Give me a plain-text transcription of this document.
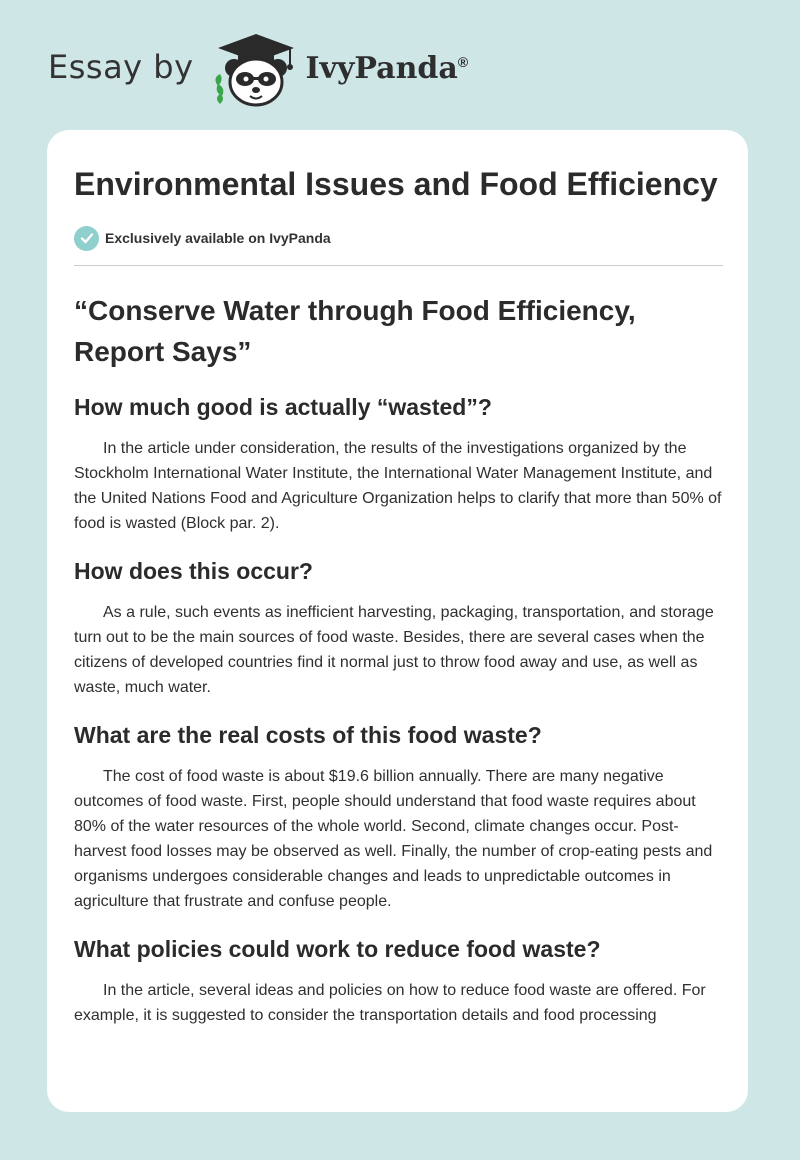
Essay by	IvyPanda®
Environmental Issues and Food Efficiency
Exclusively available on IvyPanda
“Conserve Water through Food Efficiency, Report Says”
How much good is actually “wasted”?

In the article under consideration, the results of the investigations organized by the Stockholm International Water Institute, the International Water Management Institute, and the United Nations Food and Agriculture Organization helps to clarify that more than 50% of food is wasted (Block par. 2).

How does this occur?

As a rule, such events as inefficient harvesting, packaging, transportation, and storage turn out to be the main sources of food waste. Besides, there are several cases when the citizens of developed countries find it normal just to throw food away and use, as well as waste, much water.

What are the real costs of this food waste?

The cost of food waste is about $19.6 billion annually. There are many negative outcomes of food waste. First, people should understand that food waste requires about 80% of the water resources of the whole world. Second, climate changes occur. Post-harvest food losses may be observed as well. Finally, the number of crop-eating pests and organisms undergoes considerable changes and leads to unpredictable outcomes in agriculture that frustrate and confuse people.

What policies could work to reduce food waste?

In the article, several ideas and policies on how to reduce food waste are offered. For example, it is suggested to consider the transportation details and food processing
